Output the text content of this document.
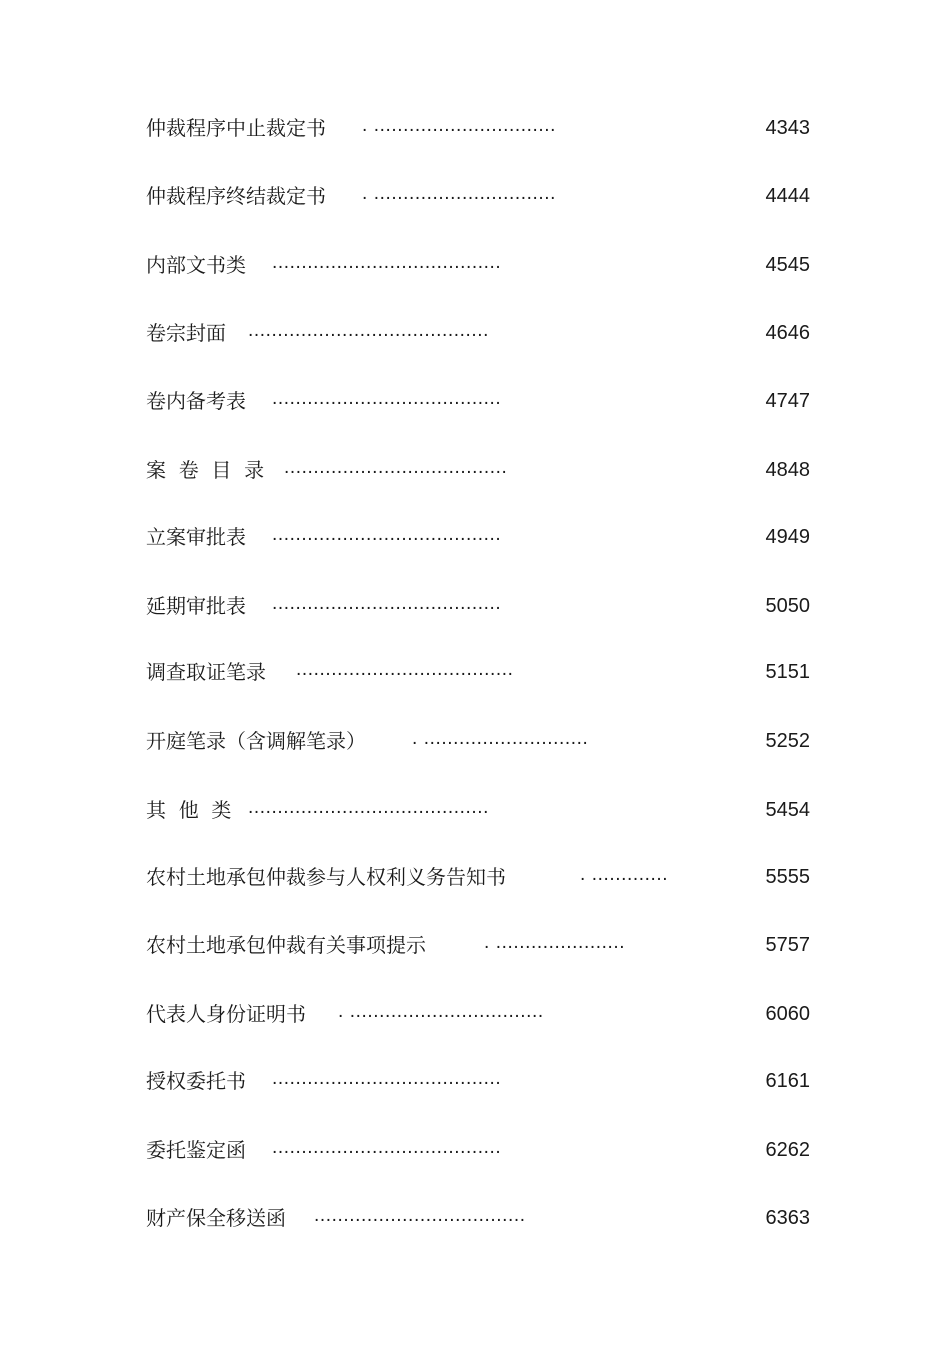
仲裁程序中止裁定书 . ...............................	4343
仲裁程序终结裁定书 . ...............................	4444
内部文书类 .......................................	4545
卷宗封面 .........................................	4646
卷内备考表 .......................................	4747
案  卷  目  录 ......................................	4848
立案审批表 .......................................	4949
延期审批表 .......................................	5050
调查取证笔录 .....................................	5151
开庭笔录（含调解笔录） . ............................	5252
其  他  类 .........................................	5454
农村土地承包仲裁参与人权利义务告知书	. .............	5555
农村土地承包仲裁有关事项提示	. ......................	5757
代表人身份证明书 . .................................	6060
授权委托书 .......................................	6161
委托鉴定函 .......................................	6262
财产保全移送函 ....................................	6363
